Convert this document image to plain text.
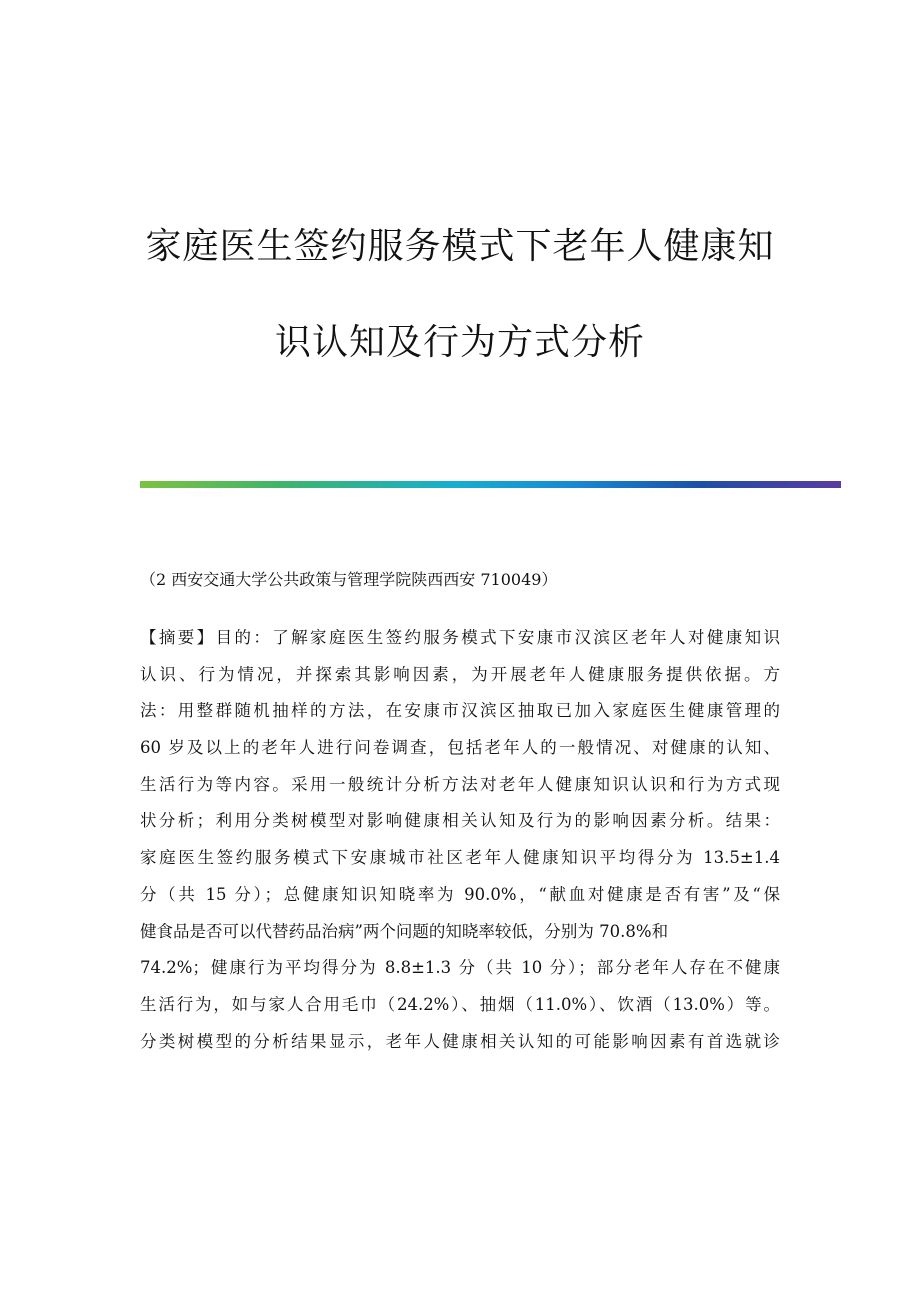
家庭医生签约服务模式下老年人健康知
识认知及行为方式分析
（2 西安交通大学公共政策与管理学院陕西西安 710049）
【摘要】目的：了解家庭医生签约服务模式下安康市汉滨区老年人对健康知识
认识、行为情况，并探索其影响因素，为开展老年人健康服务提供依据。方
法：用整群随机抽样的方法，在安康市汉滨区抽取已加入家庭医生健康管理的
60 岁及以上的老年人进行问卷调查，包括老年人的一般情况、对健康的认知、
生活行为等内容。采用一般统计分析方法对老年人健康知识认识和行为方式现
状分析；利用分类树模型对影响健康相关认知及行为的影响因素分析。结果：
家庭医生签约服务模式下安康城市社区老年人健康知识平均得分为 13.5±1.4
分（共 15 分）；总健康知识知晓率为 90.0%，“献血对健康是否有害”及“保
健食品是否可以代替药品治病”两个问题的知晓率较低，分别为 70.8%和
74.2%；健康行为平均得分为 8.8±1.3 分（共 10 分）；部分老年人存在不健康
生活行为，如与家人合用毛巾（24.2%）、抽烟（11.0%）、饮酒（13.0%）等。
分类树模型的分析结果显示，老年人健康相关认知的可能影响因素有首选就诊
